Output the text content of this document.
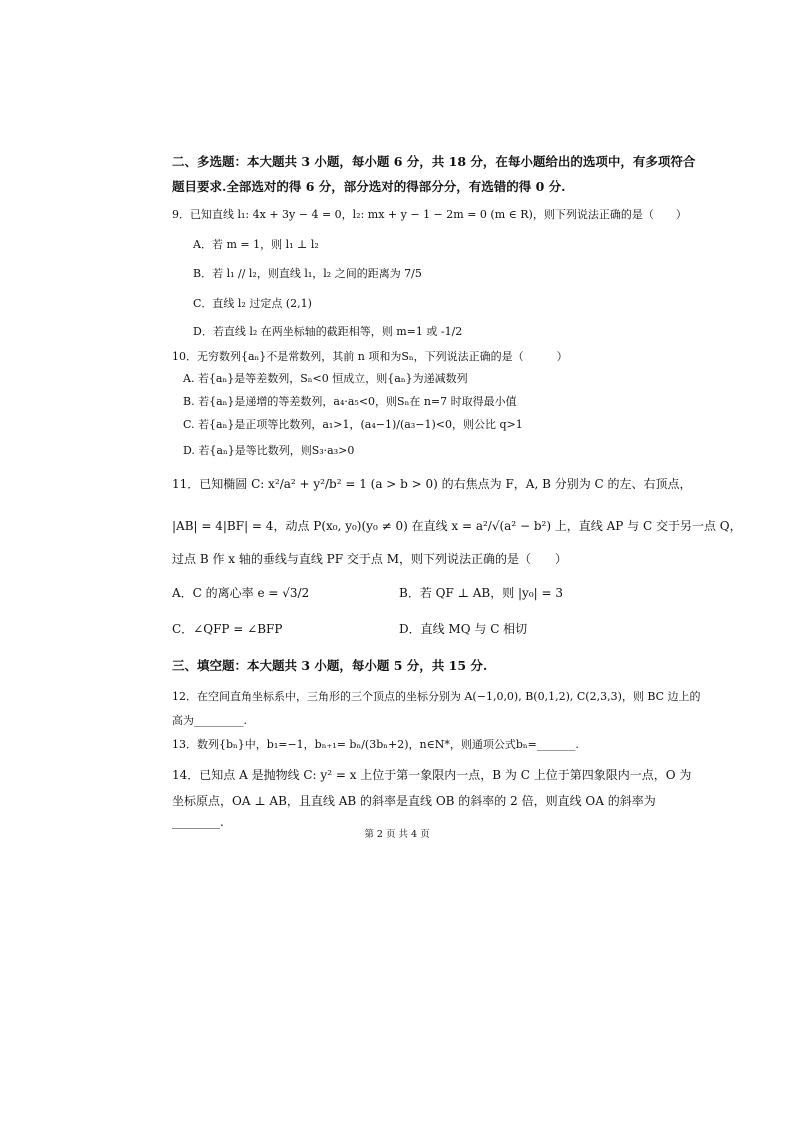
二、多选题：本大题共 3 小题，每小题 6 分，共 18 分，在每小题给出的选项中，有多项符合
题目要求.全部选对的得 6 分，部分选对的得部分分，有选错的得 0 分.
9．已知直线 l₁: 4x + 3y − 4 = 0，l₂: mx + y − 1 − 2m = 0 (m ∈ R)，则下列说法正确的是（　　）
A．若 m = 1，则 l₁ ⊥ l₂
B．若 l₁ // l₂，则直线 l₁，l₂ 之间的距离为 7/5
C．直线 l₂ 过定点 (2,1)
D．若直线 l₂ 在两坐标轴的截距相等，则 m=1 或 -1/2
10．无穷数列{aₙ}不是常数列，其前 n 项和为Sₙ，下列说法正确的是（　　　）
A. 若{aₙ}是等差数列，Sₙ<0 恒成立，则{aₙ}为递减数列
B. 若{aₙ}是递增的等差数列，a₄·a₅<0，则Sₙ在 n=7 时取得最小值
C. 若{aₙ}是正项等比数列，a₁>1，(a₄−1)/(a₃−1)<0，则公比 q>1
D. 若{aₙ}是等比数列，则S₃·a₃>0
11．已知椭圆 C: x²/a² + y²/b² = 1 (a > b > 0) 的右焦点为 F，A, B 分别为 C 的左、右顶点，
|AB| = 4|BF| = 4，动点 P(x₀, y₀)(y₀ ≠ 0) 在直线 x = a²/√(a² − b²) 上，直线 AP 与 C 交于另一点 Q，
过点 B 作 x 轴的垂线与直线 PF 交于点 M，则下列说法正确的是（　　）
A．C 的离心率 e = √3/2	B．若 QF ⊥ AB，则 |y₀| = 3
C．∠QFP = ∠BFP	D．直线 MQ 与 C 相切
三、填空题：本大题共 3 小题，每小题 5 分，共 15 分.
12．在空间直角坐标系中，三角形的三个顶点的坐标分别为 A(−1,0,0), B(0,1,2), C(2,3,3)，则 BC 边上的
高为_________.
13．数列{bₙ}中，b₁=−1，bₙ₊₁= bₙ/(3bₙ+2)，n∈N*，则通项公式bₙ=_______.
14．已知点 A 是抛物线 C: y² = x 上位于第一象限内一点，B 为 C 上位于第四象限内一点，O 为
坐标原点，OA ⊥ AB，且直线 AB 的斜率是直线 OB 的斜率的 2 倍，则直线 OA 的斜率为
________.
第 2 页 共 4 页
